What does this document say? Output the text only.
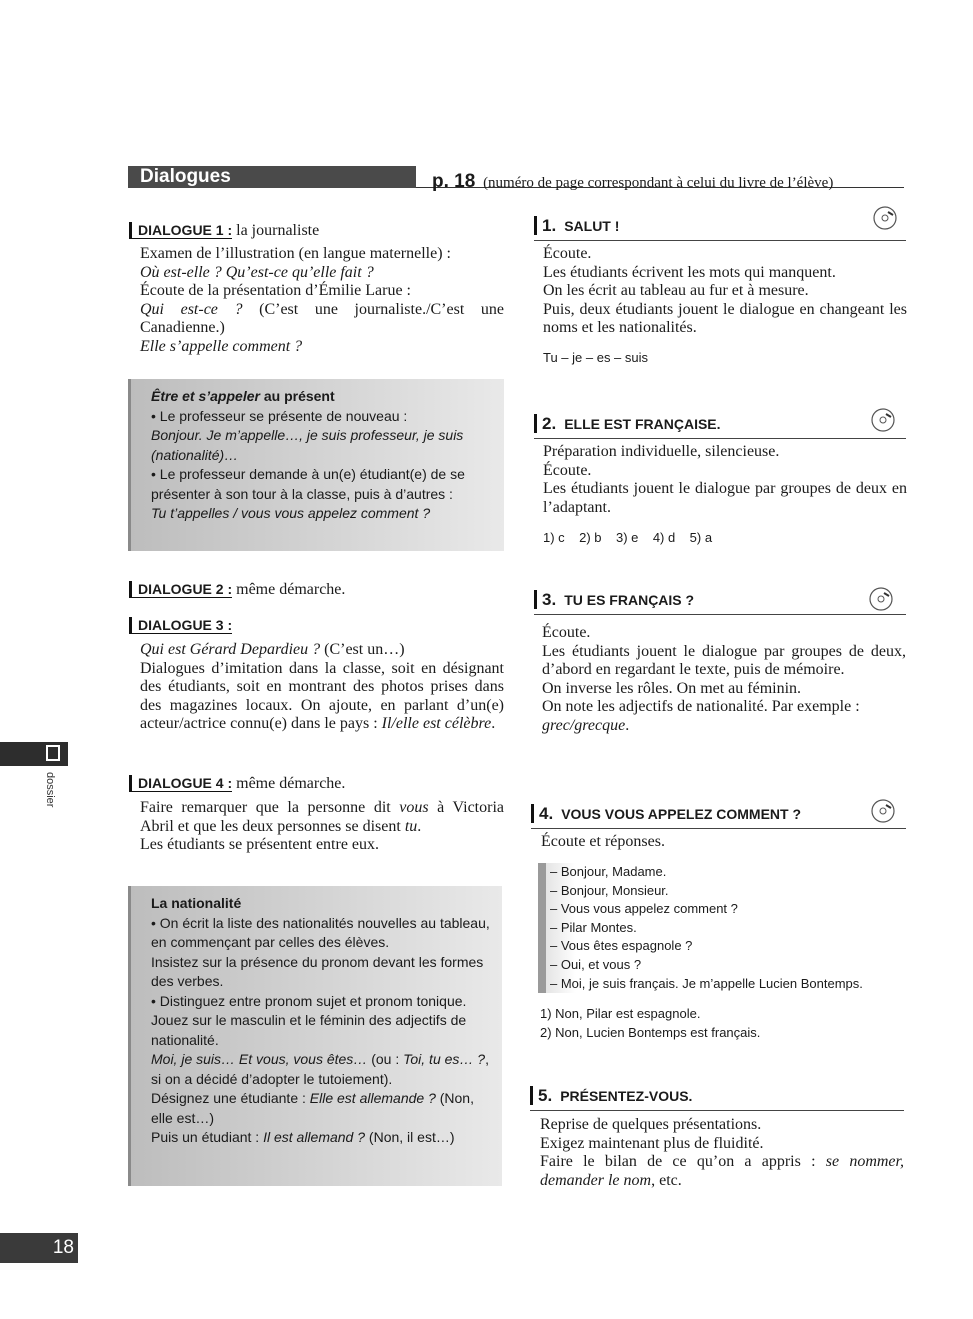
Dialogues	p. 18 (numéro de page correspondant à celui du livre de l’élève)
DIALOGUE 1 : la journaliste

Examen de l’illustration (en langue maternelle) :

Où est-elle ? Qu’est-ce qu’elle fait ?

Écoute de la présentation d’Émilie Larue :

Qui est-ce ? (C’est une journaliste./C’est une Canadienne.)

Elle s’appelle comment ?

Être et s’appeler au présent

• Le professeur se présente de nouveau :

Bonjour. Je m’appelle…, je suis professeur, je suis (nationalité)…

• Le professeur demande à un(e) étudiant(e) de se présenter à son tour à la classe, puis à d’autres :

Tu t’appelles / vous vous appelez comment ?

DIALOGUE 2 : même démarche.
DIALOGUE 3 :

Qui est Gérard Depardieu ? (C’est un…)

Dialogues d’imitation dans la classe, soit en désignant des étudiants, soit en montrant des photos prises dans des magazines locaux. On ajoute, en parlant d’un(e) acteur/actrice connu(e) dans le pays : Il/elle est célèbre.

DIALOGUE 4 : même démarche.

Faire remarquer que la personne dit vous à Victoria Abril et que les deux personnes se disent tu.

Les étudiants se présentent entre eux.

La nationalité

• On écrit la liste des nationalités nouvelles au tableau, en commençant par celles des élèves.

Insistez sur la présence du pronom devant les formes des verbes.

• Distinguez entre pronom sujet et pronom tonique.

Jouez sur le masculin et le féminin des adjectifs de nationalité.

Moi, je suis… Et vous, vous êtes… (ou : Toi, tu es… ?, si on a décidé d’adopter le tutoiement).

Désignez une étudiante : Elle est allemande ? (Non, elle est…)

Puis un étudiant : Il est allemand ? (Non, il est…)

1. SALUT !

Écoute.

Les étudiants écrivent les mots qui manquent.

On les écrit au tableau au fur et à mesure.

Puis, deux étudiants jouent le dialogue en changeant les noms et les nationalités.

Tu – je – es – suis
2. ELLE EST FRANÇAISE.

Préparation individuelle, silencieuse.

Écoute.

Les étudiants jouent le dialogue par groupes de deux en l’adaptant.

1) c    2) b    3) e    4) d    5) a
3. TU ES FRANÇAIS ?

Écoute.

Les étudiants jouent le dialogue par groupes de deux, d’abord en regardant le texte, puis de mémoire.

On inverse les rôles. On met au féminin.

On note les adjectifs de nationalité. Par exemple :

grec/grecque.

4. VOUS VOUS APPELEZ COMMENT ?
Écoute et réponses.
– Bonjour, Madame.
– Bonjour, Monsieur.
– Vous vous appelez comment ?
– Pilar Montes.
– Vous êtes espagnole ?
– Oui, et vous ?
– Moi, je suis français. Je m’appelle Lucien Bontemps.
1) Non, Pilar est espagnole.
2) Non, Lucien Bontemps est français.
5. PRÉSENTEZ-VOUS.

Reprise de quelques présentations.

Exigez maintenant plus de fluidité.

Faire le bilan de ce qu’on a appris : se nommer, demander le nom, etc.

dossier
18
